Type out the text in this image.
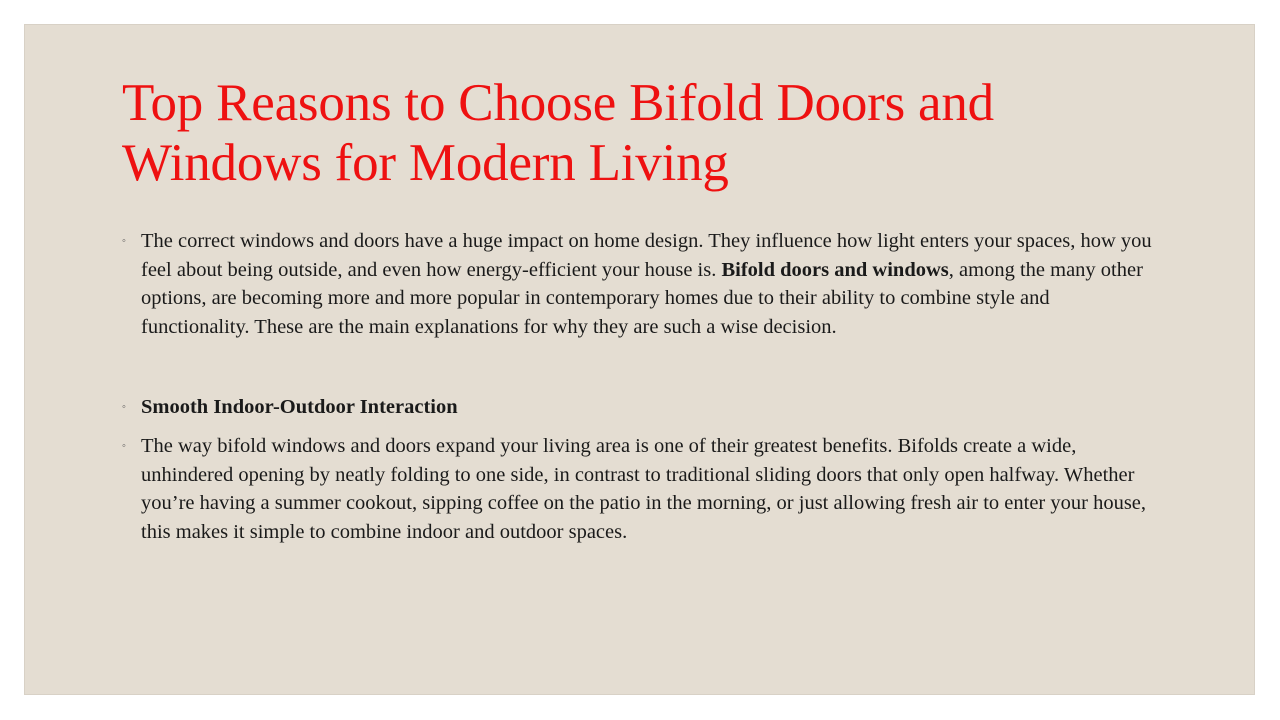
Top Reasons to Choose Bifold Doors and Windows for Modern Living
◦ The correct windows and doors have a huge impact on home design. They influence how light enters your spaces, how you feel about being outside, and even how energy-efficient your house is. Bifold doors and windows, among the many other options, are becoming more and more popular in contemporary homes due to their ability to combine style and functionality. These are the main explanations for why they are such a wise decision.
◦ Smooth Indoor-Outdoor Interaction
◦ The way bifold windows and doors expand your living area is one of their greatest benefits. Bifolds create a wide, unhindered opening by neatly folding to one side, in contrast to traditional sliding doors that only open halfway. Whether you’re having a summer cookout, sipping coffee on the patio in the morning, or just allowing fresh air to enter your house, this makes it simple to combine indoor and outdoor spaces.
